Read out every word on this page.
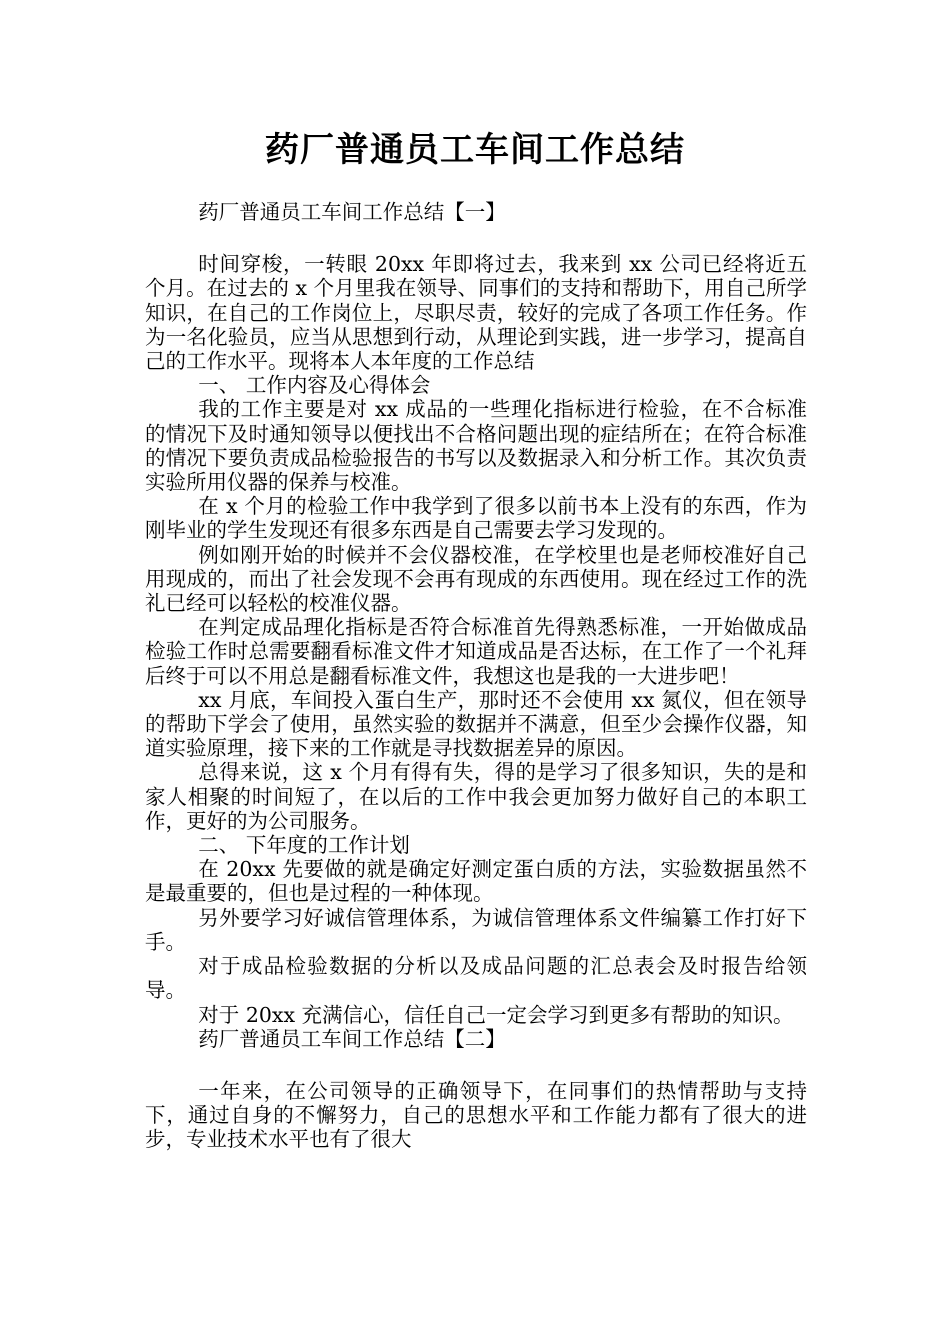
药厂普通员工车间工作总结

药厂普通员工车间工作总结【一】

时间穿梭，一转眼 20xx 年即将过去，我来到 xx 公司已经将近五个月。在过去的 x 个月里我在领导、同事们的支持和帮助下，用自己所学知识，在自己的工作岗位上，尽职尽责，较好的完成了各项工作任务。作为一名化验员，应当从思想到行动，从理论到实践，进一步学习，提高自己的工作水平。现将本人本年度的工作总结

一、 工作内容及心得体会

我的工作主要是对 xx 成品的一些理化指标进行检验，在不合标准的情况下及时通知领导以便找出不合格问题出现的症结所在；在符合标准的情况下要负责成品检验报告的书写以及数据录入和分析工作。其次负责实验所用仪器的保养与校准。

在 x 个月的检验工作中我学到了很多以前书本上没有的东西，作为刚毕业的学生发现还有很多东西是自己需要去学习发现的。

例如刚开始的时候并不会仪器校准，在学校里也是老师校准好自己用现成的，而出了社会发现不会再有现成的东西使用。现在经过工作的洗礼已经可以轻松的校准仪器。

在判定成品理化指标是否符合标准首先得熟悉标准，一开始做成品检验工作时总需要翻看标准文件才知道成品是否达标，在工作了一个礼拜后终于可以不用总是翻看标准文件，我想这也是我的一大进步吧！

xx 月底，车间投入蛋白生产，那时还不会使用 xx 氮仪，但在领导的帮助下学会了使用，虽然实验的数据并不满意，但至少会操作仪器，知道实验原理，接下来的工作就是寻找数据差异的原因。

总得来说，这 x 个月有得有失，得的是学习了很多知识，失的是和家人相聚的时间短了，在以后的工作中我会更加努力做好自己的本职工作，更好的为公司服务。

二、 下年度的工作计划

在 20xx 先要做的就是确定好测定蛋白质的方法，实验数据虽然不是最重要的，但也是过程的一种体现。

另外要学习好诚信管理体系，为诚信管理体系文件编纂工作打好下手。

对于成品检验数据的分析以及成品问题的汇总表会及时报告给领导。

对于 20xx 充满信心，信任自己一定会学习到更多有帮助的知识。

药厂普通员工车间工作总结【二】

一年来，在公司领导的正确领导下，在同事们的热情帮助与支持下，通过自身的不懈努力，自己的思想水平和工作能力都有了很大的进步，专业技术水平也有了很大
